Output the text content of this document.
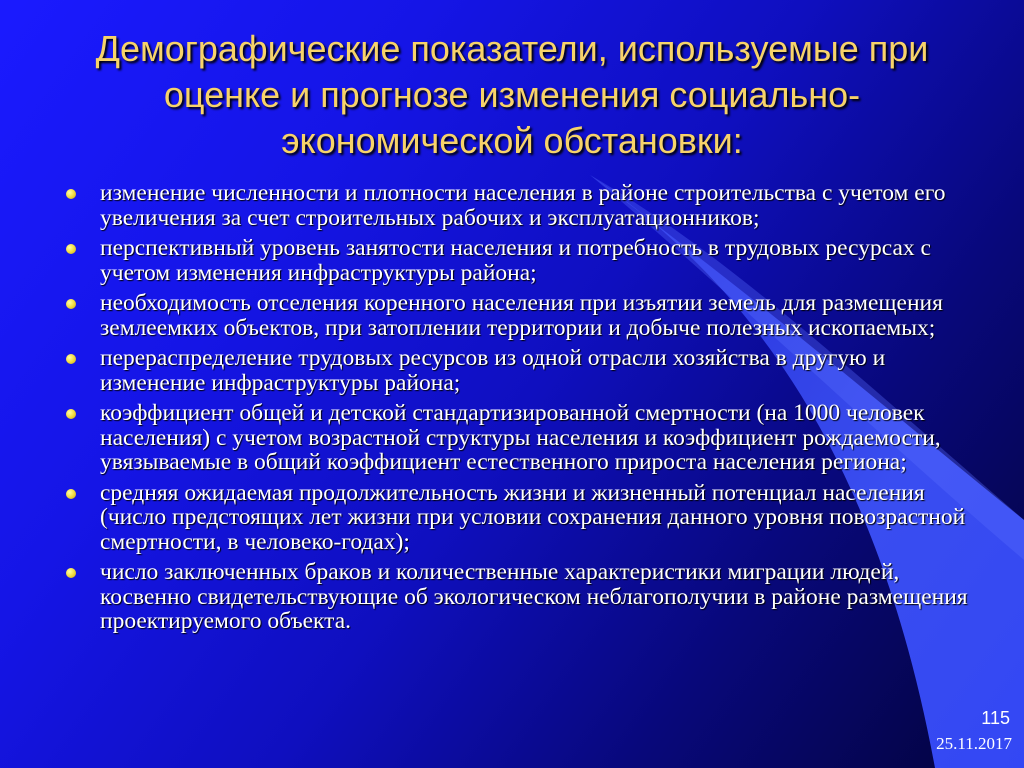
Демографические показатели, используемые при оценке и прогнозе изменения социально-экономической обстановки:
изменение численности и плотности населения в районе строительства с учетом его увеличения за счет строительных рабочих и эксплуатационников;
перспективный уровень занятости населения и потребность в трудовых ресурсах с учетом изменения инфраструктуры района;
необходимость отселения коренного населения при изъятии земель для размещения землеемких объектов, при затоплении территории и добыче полезных ископаемых;
перераспределение трудовых ресурсов из одной отрасли хозяйства в другую и изменение инфраструктуры района;
коэффициент общей и детской стандартизированной смертности (на 1000 человек населения) с учетом возрастной структуры населения и коэффициент рождаемости, увязываемые в общий коэффициент естественного прироста населения региона;
средняя ожидаемая продолжительность жизни и жизненный потенциал населения (число предстоящих лет жизни при условии сохранения данного уровня повозрастной смертности, в человеко-годах);
число заключенных браков и количественные характеристики миграции людей, косвенно свидетельствующие об экологическом неблагополучии в районе размещения проектируемого объекта.
115
25.11.2017
